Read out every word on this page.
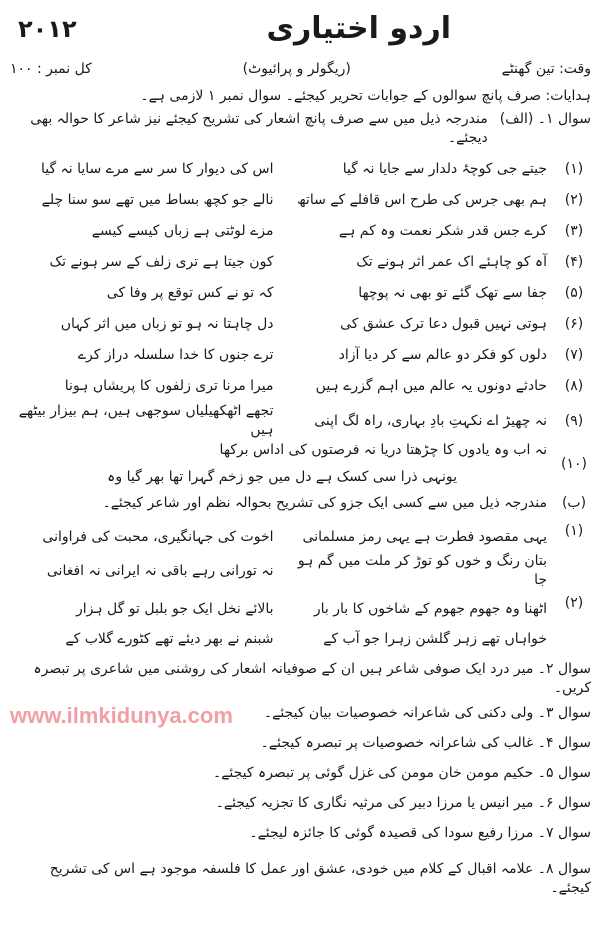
اردو اختیاری
۲۰۱۲
وقت: تین گھنٹے
(ریگولر و پرائیوٹ)
کل نمبر : ۱۰۰
ہدایات: صرف پانچ سوالوں کے جوابات تحریر کیجئے۔ سوال نمبر ۱ لازمی ہے۔
سوال ۱۔ (الف)
مندرجہ ذیل میں سے صرف پانچ اشعار کی تشریح کیجئے نیز شاعر کا حوالہ بھی دیجئے۔
(۱)
جیتے جی کوچۂ دلدار سے جایا نہ گیا
اس کی دیوار کا سر سے مرے سایا نہ گیا
(۲)
ہم بھی جرس کی طرح اس قافلے کے ساتھ
نالے جو کچھ بساط میں تھے سو سنا چلے
(۳)
کرے جس قدر شکر نعمت وہ کم ہے
مزے لوٹتی ہے زباں کیسے کیسے
(۴)
آہ کو چاہئے اک عمر اثر ہونے تک
کون جیتا ہے تری زلف کے سر ہونے تک
(۵)
جفا سے تھک گئے تو بھی نہ پوچھا
کہ تو نے کس توقع پر وفا کی
(۶)
ہوتی نہیں قبول دعا ترک عشق کی
دل چاہتا نہ ہو تو زباں میں اثر کہاں
(۷)
دلوں کو فکر دو عالم سے کر دیا آزاد
ترے جنوں کا خدا سلسلہ دراز کرے
(۸)
حادثے دونوں یہ عالم میں اہم گزرے ہیں
میرا مرنا تری زلفوں کا پریشاں ہونا
(۹)
نہ چھیڑ اے نکہتِ بادِ بہاری، راہ لگ اپنی
تجھے اٹھکھیلیاں سوجھی ہیں، ہم بیزار بیٹھے ہیں
(۱۰)
نہ اب وہ یادوں کا چڑھتا دریا نہ فرصتوں کی اداس برکھا
یونہی ذرا سی کسک ہے دل میں جو زخم گہرا تھا بھر گیا وہ
(ب)
مندرجہ ذیل میں سے کسی ایک جزو کی تشریح بحوالہ نظم اور شاعر کیجئے۔
(۱)
یہی مقصود فطرت ہے یہی رمز مسلمانی
اخوت کی جہانگیری، محبت کی فراوانی
بتان رنگ و خوں کو توڑ کر ملت میں گم ہو جا
نہ تورانی رہے باقی نہ ایرانی نہ افغانی
(۲)
اٹھنا وہ جھوم جھوم کے شاخوں کا بار بار
بالائے نخل ایک جو بلبل تو گل ہزار
خواہاں تھے زہر گلشن زہرا جو آب کے
شبنم نے بھر دیئے تھے کٹورے گلاب کے
www.ilmkidunya.com
سوال ۲۔ میر درد ایک صوفی شاعر ہیں ان کے صوفیانہ اشعار کی روشنی میں شاعری پر تبصرہ کریں۔
سوال ۳۔ ولی دکنی کی شاعرانہ خصوصیات بیان کیجئے۔
سوال ۴۔ غالب کی شاعرانہ خصوصیات پر تبصرہ کیجئے۔
سوال ۵۔ حکیم مومن خان مومن کی غزل گوئی پر تبصرہ کیجئے۔
سوال ۶۔ میر انیس یا مرزا دبیر کی مرثیہ نگاری کا تجزیہ کیجئے۔
سوال ۷۔ مرزا رفیع سودا کی قصیدہ گوئی کا جائزہ لیجئے۔
سوال ۸۔ علامہ اقبال کے کلام میں خودی، عشق اور عمل کا فلسفہ موجود ہے اس کی تشریح کیجئے۔
